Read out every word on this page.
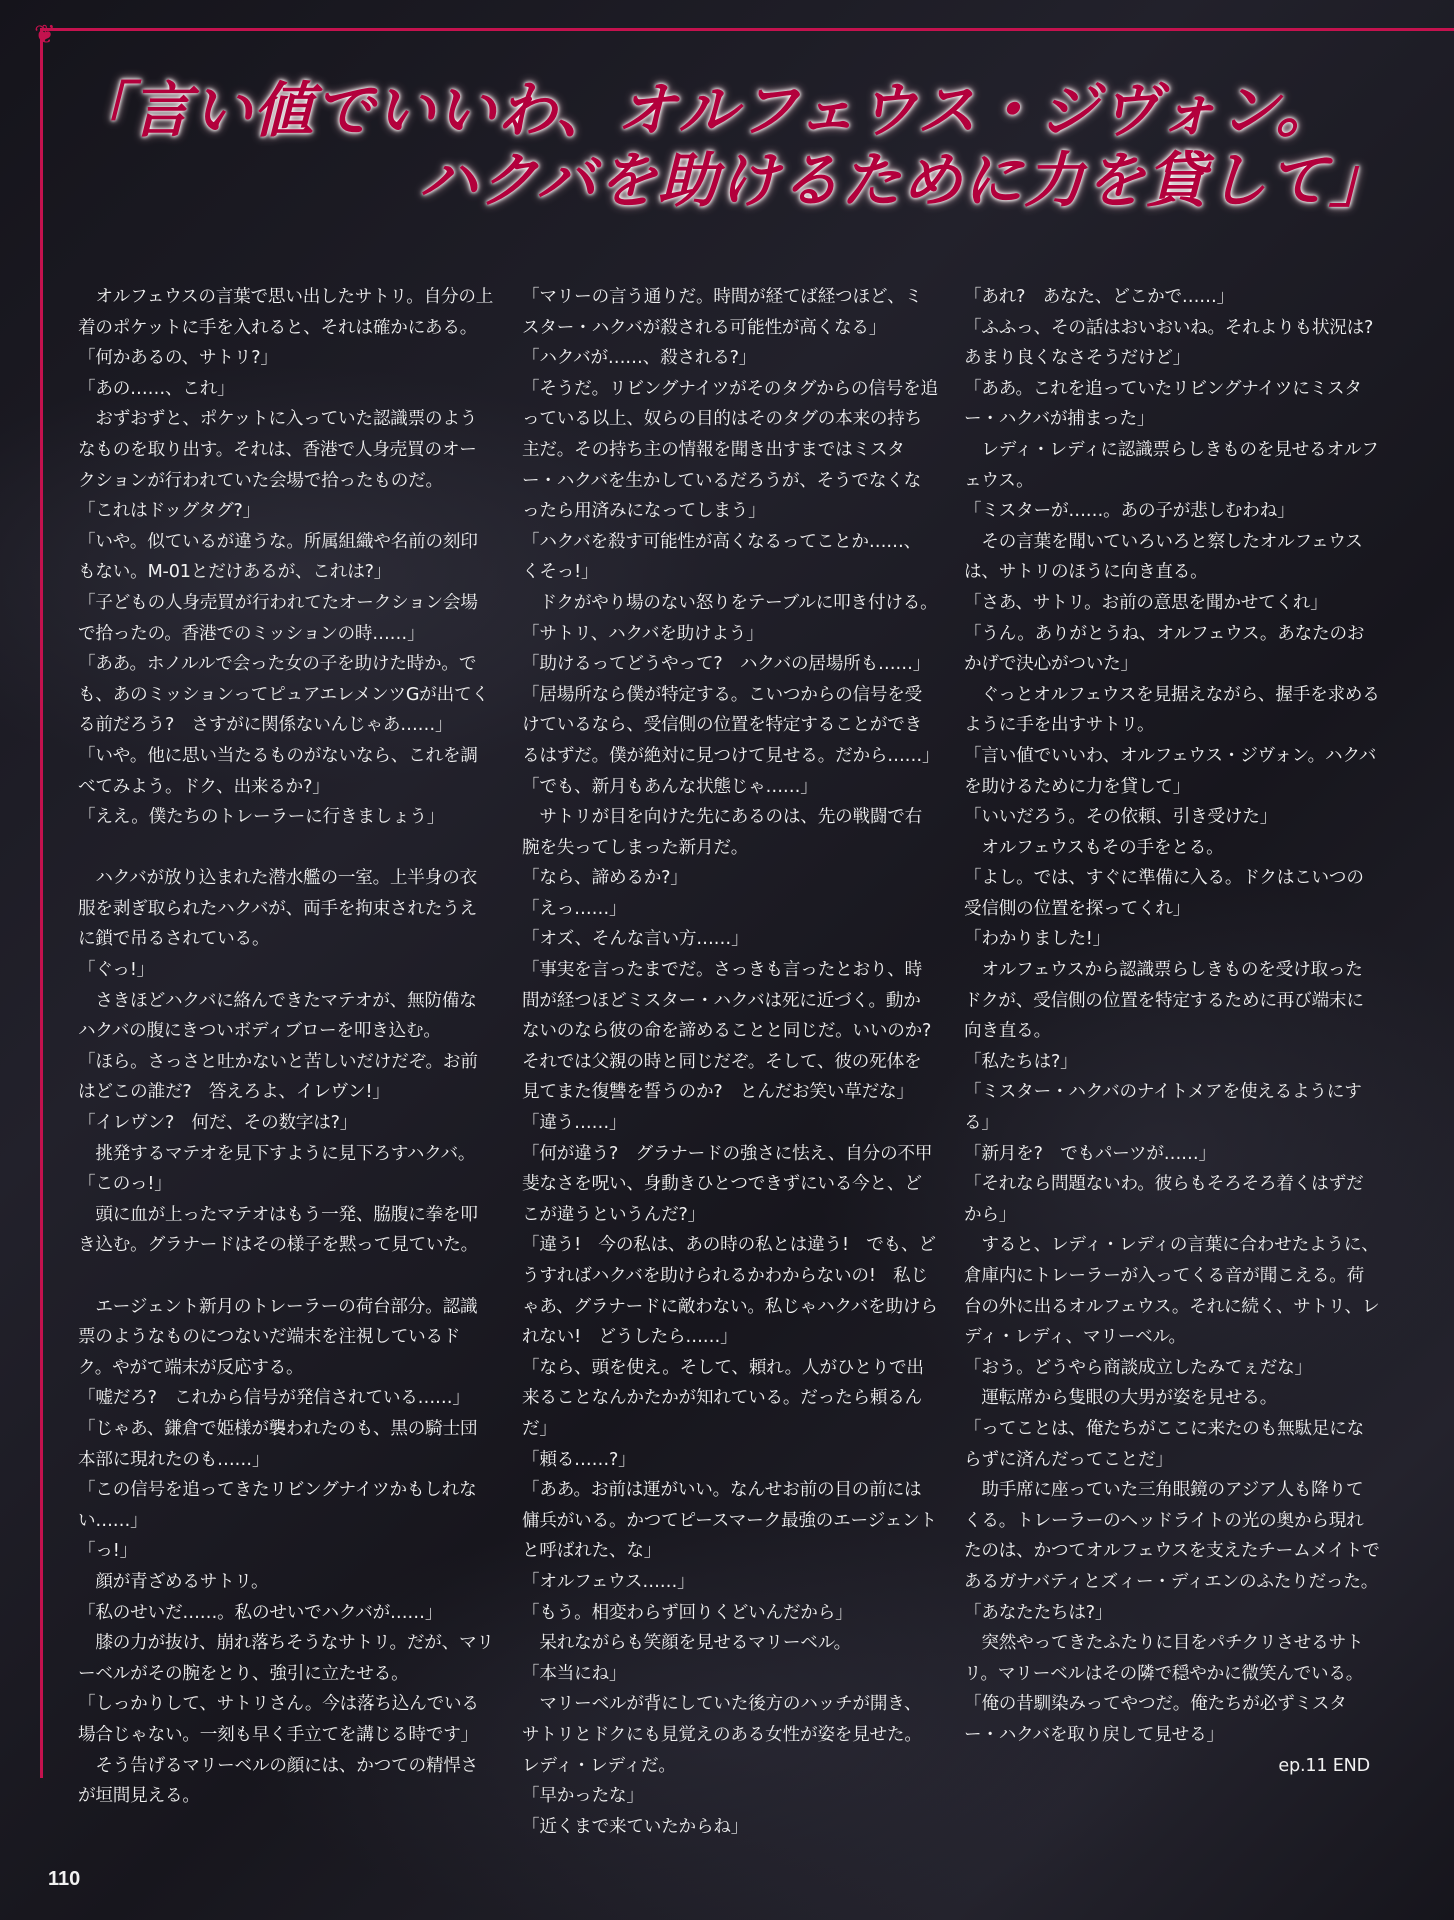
❦
「言い値でいいわ、オルフェウス・ジヴォン。
ハクバを助けるために力を貸して」

　オルフェウスの言葉で思い出したサトリ。自分の上着のポケットに手を入れると、それは確かにある。

「何かあるの、サトリ?」

「あの……、これ」

　おずおずと、ポケットに入っていた認識票のようなものを取り出す。それは、香港で人身売買のオークションが行われていた会場で拾ったものだ。

「これはドッグタグ?」

「いや。似ているが違うな。所属組織や名前の刻印もない。M-01とだけあるが、これは?」

「子どもの人身売買が行われてたオークション会場で拾ったの。香港でのミッションの時……」

「ああ。ホノルルで会った女の子を助けた時か。でも、あのミッションってピュアエレメンツGが出てくる前だろう?　さすがに関係ないんじゃあ……」

「いや。他に思い当たるものがないなら、これを調べてみよう。ドク、出来るか?」

「ええ。僕たちのトレーラーに行きましょう」

　ハクバが放り込まれた潜水艦の一室。上半身の衣服を剥ぎ取られたハクバが、両手を拘束されたうえに鎖で吊るされている。

「ぐっ!」

　さきほどハクバに絡んできたマテオが、無防備なハクバの腹にきついボディブローを叩き込む。

「ほら。さっさと吐かないと苦しいだけだぞ。お前はどこの誰だ?　答えろよ、イレヴン!」

「イレヴン?　何だ、その数字は?」

　挑発するマテオを見下すように見下ろすハクバ。

「このっ!」

　頭に血が上ったマテオはもう一発、脇腹に拳を叩き込む。グラナードはその様子を黙って見ていた。

　エージェント新月のトレーラーの荷台部分。認識票のようなものにつないだ端末を注視しているドク。やがて端末が反応する。

「嘘だろ?　これから信号が発信されている……」

「じゃあ、鎌倉で姫様が襲われたのも、黒の騎士団本部に現れたのも……」

「この信号を追ってきたリビングナイツかもしれない……」

「っ!」

　顔が青ざめるサトリ。

「私のせいだ……。私のせいでハクバが……」

　膝の力が抜け、崩れ落ちそうなサトリ。だが、マリーベルがその腕をとり、強引に立たせる。

「しっかりして、サトリさん。今は落ち込んでいる場合じゃない。一刻も早く手立てを講じる時です」

　そう告げるマリーベルの顔には、かつての精悍さが垣間見える。

「マリーの言う通りだ。時間が経てば経つほど、ミスター・ハクバが殺される可能性が高くなる」

「ハクバが……、殺される?」

「そうだ。リビングナイツがそのタグからの信号を追っている以上、奴らの目的はそのタグの本来の持ち主だ。その持ち主の情報を聞き出すまではミスター・ハクバを生かしているだろうが、そうでなくなったら用済みになってしまう」

「ハクバを殺す可能性が高くなるってことか……、くそっ!」

　ドクがやり場のない怒りをテーブルに叩き付ける。

「サトリ、ハクバを助けよう」

「助けるってどうやって?　ハクバの居場所も……」

「居場所なら僕が特定する。こいつからの信号を受けているなら、受信側の位置を特定することができるはずだ。僕が絶対に見つけて見せる。だから……」

「でも、新月もあんな状態じゃ……」

　サトリが目を向けた先にあるのは、先の戦闘で右腕を失ってしまった新月だ。

「なら、諦めるか?」

「えっ……」

「オズ、そんな言い方……」

「事実を言ったまでだ。さっきも言ったとおり、時間が経つほどミスター・ハクバは死に近づく。動かないのなら彼の命を諦めることと同じだ。いいのか?　それでは父親の時と同じだぞ。そして、彼の死体を見てまた復讐を誓うのか?　とんだお笑い草だな」

「違う……」

「何が違う?　グラナードの強さに怯え、自分の不甲斐なさを呪い、身動きひとつできずにいる今と、どこが違うというんだ?」

「違う!　今の私は、あの時の私とは違う!　でも、どうすればハクバを助けられるかわからないの!　私じゃあ、グラナードに敵わない。私じゃハクバを助けられない!　どうしたら……」

「なら、頭を使え。そして、頼れ。人がひとりで出来ることなんかたかが知れている。だったら頼るんだ」

「頼る……?」

「ああ。お前は運がいい。なんせお前の目の前には傭兵がいる。かつてピースマーク最強のエージェントと呼ばれた、な」

「オルフェウス……」

「もう。相変わらず回りくどいんだから」

　呆れながらも笑顔を見せるマリーベル。

「本当にね」

　マリーベルが背にしていた後方のハッチが開き、サトリとドクにも見覚えのある女性が姿を見せた。レディ・レディだ。

「早かったな」

「近くまで来ていたからね」

「あれ?　あなた、どこかで……」

「ふふっ、その話はおいおいね。それよりも状況は?あまり良くなさそうだけど」

「ああ。これを追っていたリビングナイツにミスター・ハクバが捕まった」

　レディ・レディに認識票らしきものを見せるオルフェウス。

「ミスターが……。あの子が悲しむわね」

　その言葉を聞いていろいろと察したオルフェウスは、サトリのほうに向き直る。

「さあ、サトリ。お前の意思を聞かせてくれ」

「うん。ありがとうね、オルフェウス。あなたのおかげで決心がついた」

　ぐっとオルフェウスを見据えながら、握手を求めるように手を出すサトリ。

「言い値でいいわ、オルフェウス・ジヴォン。ハクバを助けるために力を貸して」

「いいだろう。その依頼、引き受けた」

　オルフェウスもその手をとる。

「よし。では、すぐに準備に入る。ドクはこいつの受信側の位置を探ってくれ」

「わかりました!」

　オルフェウスから認識票らしきものを受け取ったドクが、受信側の位置を特定するために再び端末に向き直る。

「私たちは?」

「ミスター・ハクバのナイトメアを使えるようにする」

「新月を?　でもパーツが……」

「それなら問題ないわ。彼らもそろそろ着くはずだから」

　すると、レディ・レディの言葉に合わせたように、倉庫内にトレーラーが入ってくる音が聞こえる。荷台の外に出るオルフェウス。それに続く、サトリ、レディ・レディ、マリーベル。

「おう。どうやら商談成立したみてぇだな」

　運転席から隻眼の大男が姿を見せる。

「ってことは、俺たちがここに来たのも無駄足にならずに済んだってことだ」

　助手席に座っていた三角眼鏡のアジア人も降りてくる。トレーラーのヘッドライトの光の奥から現れたのは、かつてオルフェウスを支えたチームメイトであるガナバティとズィー・ディエンのふたりだった。

「あなたたちは?」

　突然やってきたふたりに目をパチクリさせるサトリ。マリーベルはその隣で穏やかに微笑んでいる。

「俺の昔馴染みってやつだ。俺たちが必ずミスター・ハクバを取り戻して見せる」

ep.11 END

110
